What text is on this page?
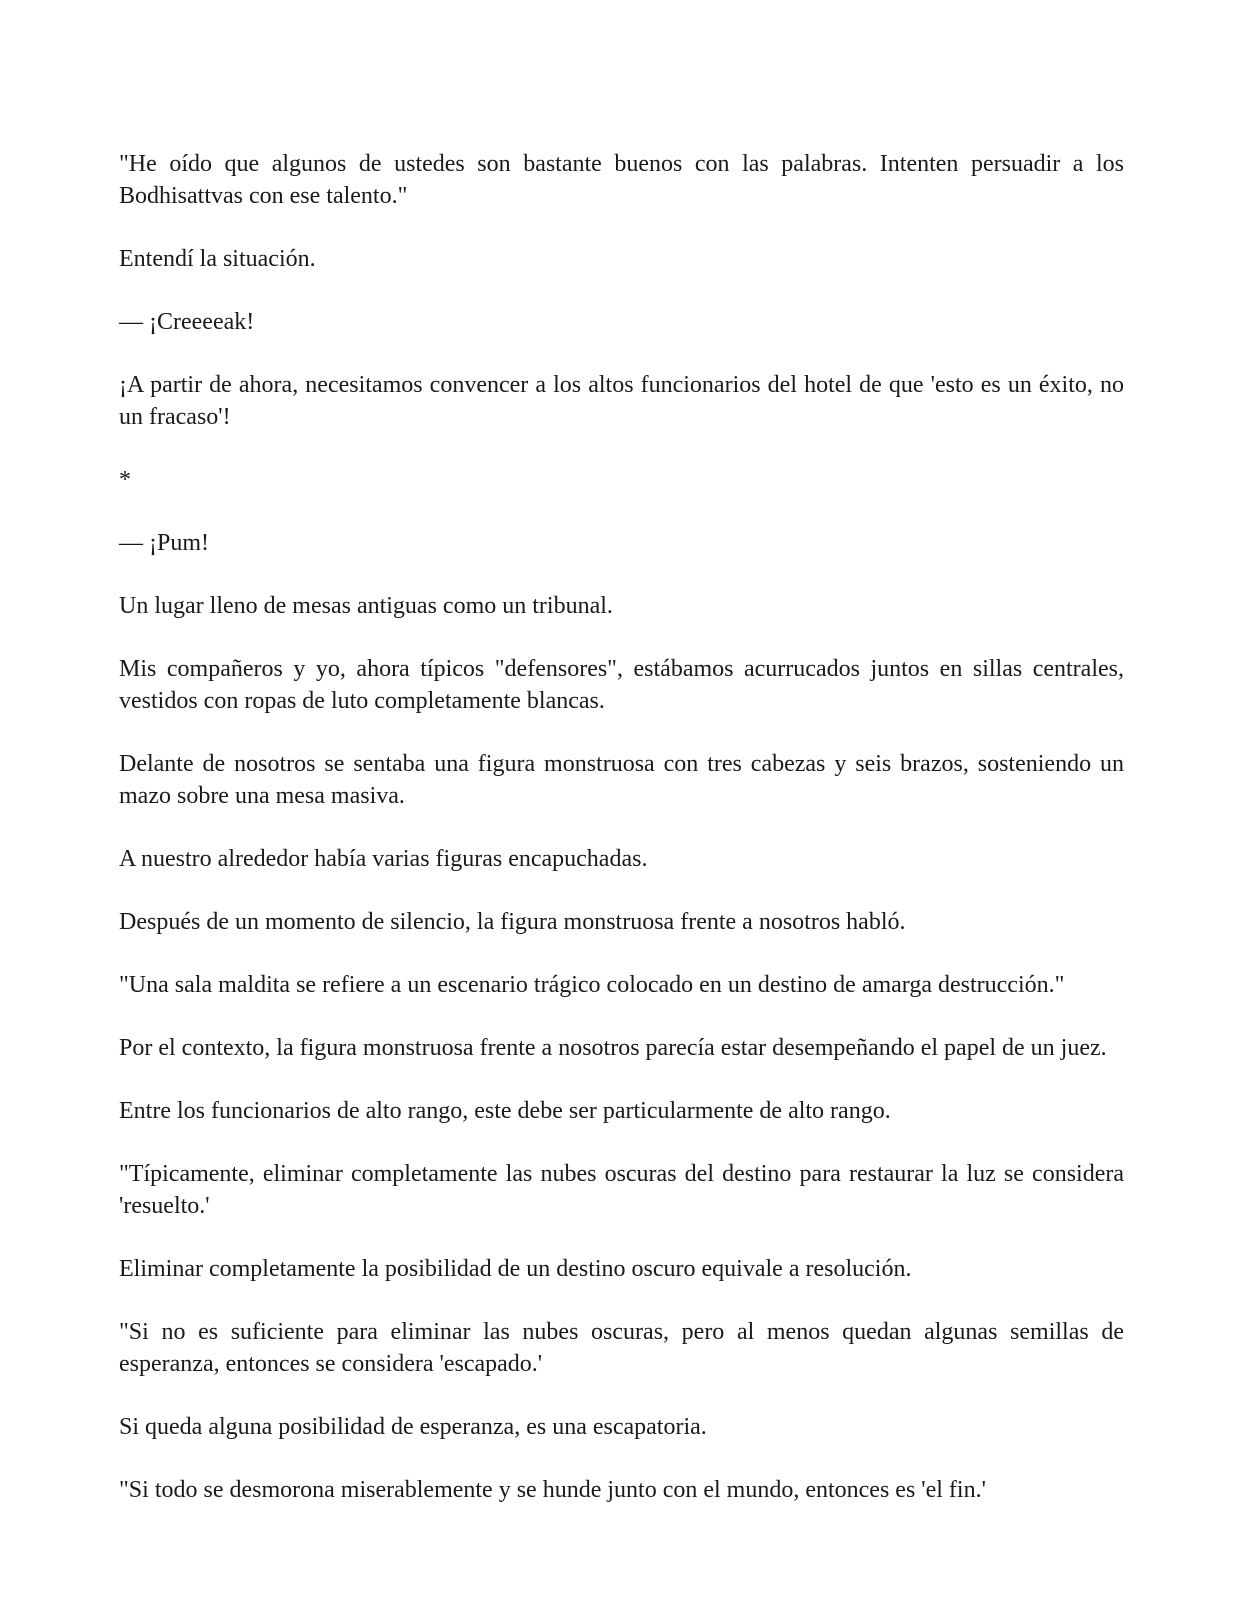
"He oído que algunos de ustedes son bastante buenos con las palabras. Intenten persuadir a los Bodhisattvas con ese talento."

Entendí la situación.

— ¡Creeeeak!

¡A partir de ahora, necesitamos convencer a los altos funcionarios del hotel de que 'esto es un éxito, no un fracaso'!

*

— ¡Pum!

Un lugar lleno de mesas antiguas como un tribunal.

Mis compañeros y yo, ahora típicos "defensores", estábamos acurrucados juntos en sillas centrales, vestidos con ropas de luto completamente blancas.

Delante de nosotros se sentaba una figura monstruosa con tres cabezas y seis brazos, sosteniendo un mazo sobre una mesa masiva.

A nuestro alrededor había varias figuras encapuchadas.

Después de un momento de silencio, la figura monstruosa frente a nosotros habló.

"Una sala maldita se refiere a un escenario trágico colocado en un destino de amarga destrucción."

Por el contexto, la figura monstruosa frente a nosotros parecía estar desempeñando el papel de un juez.

Entre los funcionarios de alto rango, este debe ser particularmente de alto rango.

"Típicamente, eliminar completamente las nubes oscuras del destino para restaurar la luz se considera 'resuelto.'

Eliminar completamente la posibilidad de un destino oscuro equivale a resolución.

"Si no es suficiente para eliminar las nubes oscuras, pero al menos quedan algunas semillas de esperanza, entonces se considera 'escapado.'

Si queda alguna posibilidad de esperanza, es una escapatoria.

"Si todo se desmorona miserablemente y se hunde junto con el mundo, entonces es 'el fin.'
